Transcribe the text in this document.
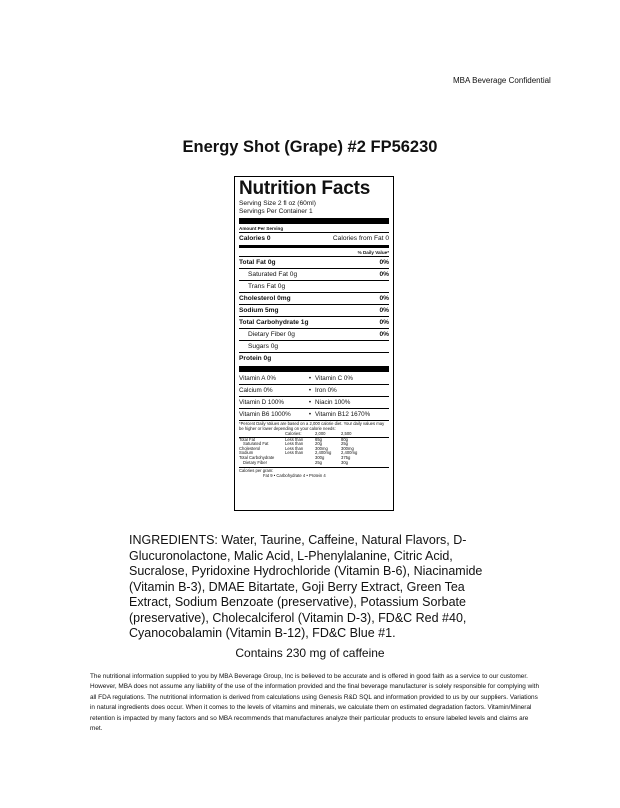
MBA Beverage Confidential
Energy Shot (Grape) #2 FP56230
Nutrition Facts
Serving Size 2 fl oz (60ml)
Servings Per Container 1
Amount Per Serving
Calories 0	Calories from Fat 0
% Daily Value*
Total Fat 0g	0%
Saturated Fat 0g	0%
Trans Fat 0g
Cholesterol 0mg	0%
Sodium 5mg	0%
Total Carbohydrate 1g	0%
Dietary Fiber 0g	0%
Sugars 0g
Protein 0g
Vitamin A 0%	• Vitamin C 0%
Calcium 0%	• Iron 0%
Vitamin D 100%	• Niacin 100%
Vitamin B6 1000%	• Vitamin B12 1670%
*Percent Daily Values are based on a 2,000 calorie diet. Your daily values may be higher or lower depending on your calorie needs:
Calories:	2,000	2,500
Total Fat	Less than	65g	80g
Saturated Fat	Less than	20g	25g
Cholesterol	Less than	300mg	300mg
Sodium	Less than	2,400mg	2,400mg
Total Carbohydrate	300g	375g
Dietary Fiber	25g	30g
Calories per gram:
Fat 9 • Carbohydrate 4 • Protein 4
INGREDIENTS: Water, Taurine, Caffeine, Natural Flavors, D-Glucuronolactone, Malic Acid, L-Phenylalanine, Citric Acid, Sucralose, Pyridoxine Hydrochloride (Vitamin B-6), Niacinamide (Vitamin B-3), DMAE Bitartate, Goji Berry Extract, Green Tea Extract, Sodium Benzoate (preservative), Potassium Sorbate (preservative), Cholecalciferol (Vitamin D-3), FD&C Red #40, Cyanocobalamin (Vitamin B-12), FD&C Blue #1.
Contains 230 mg of caffeine
The nutritional information supplied to you by MBA Beverage Group, Inc is believed to be accurate and is offered in good faith as a service to our customer. However, MBA does not assume any liability of the use of the information provided and the final beverage manufacturer is solely responsible for complying with all FDA regulations. The nutritional information is derived from calculations using Genesis R&D SQL and information provided to us by our suppliers. Variations in natural ingredients does occur. When it comes to the levels of vitamins and minerals, we calculate them on estimated degradation factors. Vitamin/Mineral retention is impacted by many factors and so MBA recommends that manufactures analyze their particular products to ensure labeled levels and claims are met.
